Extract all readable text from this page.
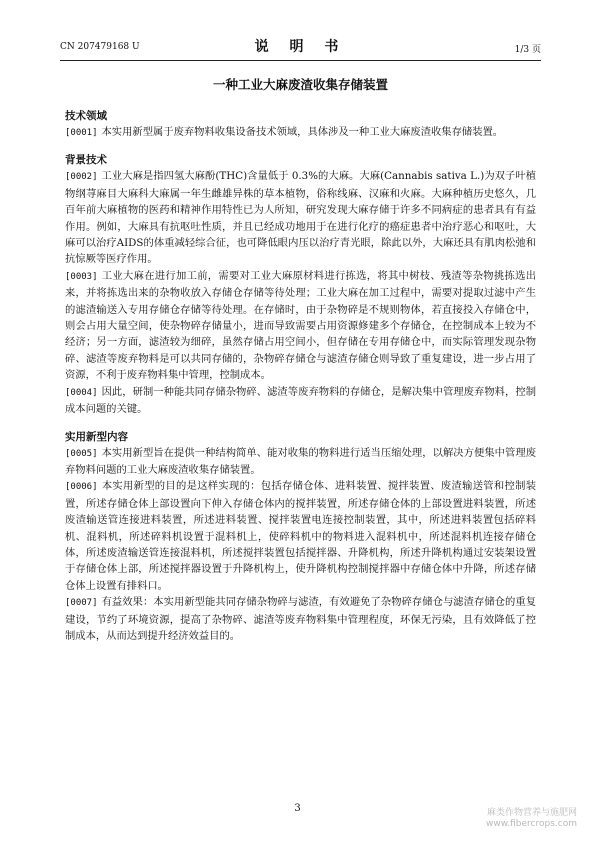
CN 207479168 U	说 明 书	1/3 页
一种工业大麻废渣收集存储装置

技术领域

[0001] 本实用新型属于废弃物料收集设备技术领域，具体涉及一种工业大麻废渣收集存储装置。

背景技术

[0002] 工业大麻是指四氢大麻酚(THC)含量低于 0.3%的大麻。大麻(Cannabis sativa L.)为双子叶植物纲荨麻目大麻科大麻属一年生雌雄异株的草本植物，俗称线麻、汉麻和火麻。大麻种植历史悠久，几百年前大麻植物的医药和精神作用特性已为人所知，研究发现大麻存储于许多不同病症的患者具有有益作用。例如，大麻具有抗呕吐性质，并且已经成功地用于在进行化疗的癌症患者中治疗恶心和呕吐，大麻可以治疗AIDS的体重减轻综合征，也可降低眼内压以治疗青光眼，除此以外，大麻还具有肌肉松弛和抗惊厥等医疗作用。

[0003] 工业大麻在进行加工前，需要对工业大麻原材料进行拣选，将其中树枝、残渣等杂物挑拣选出来，并将拣选出来的杂物收放入存储仓存储等待处理；工业大麻在加工过程中，需要对提取过滤中产生的滤渣输送入专用存储仓存储等待处理。在存储时，由于杂物碎是不规则物体，若直接投入存储仓中，则会占用大量空间，使杂物碎存储量小，进而导致需要占用资源修建多个存储仓，在控制成本上较为不经济；另一方面，滤渣较为细碎，虽然存储占用空间小，但存储在专用存储仓中，而实际管理发现杂物碎、滤渣等废弃物料是可以共同存储的，杂物碎存储仓与滤渣存储仓则导致了重复建设，进一步占用了资源，不利于废弃物料集中管理，控制成本。

[0004] 因此，研制一种能共同存储杂物碎、滤渣等废弃物料的存储仓，是解决集中管理废弃物料，控制成本问题的关键。

实用新型内容

[0005] 本实用新型旨在提供一种结构简单、能对收集的物料进行适当压缩处理，以解决方便集中管理废弃物料问题的工业大麻废渣收集存储装置。

[0006] 本实用新型的目的是这样实现的：包括存储仓体、进料装置、搅拌装置、废渣输送管和控制装置，所述存储仓体上部设置向下伸入存储仓体内的搅拌装置，所述存储仓体的上部设置进料装置，所述废渣输送管连接进料装置，所述进料装置、搅拌装置电连接控制装置，其中，所述进料装置包括碎料机、混料机，所述碎料机设置于混料机上，使碎料机中的物料进入混料机中，所述混料机连接存储仓体，所述废渣输送管连接混料机，所述搅拌装置包括搅拌器、升降机构，所述升降机构通过安装架设置于存储仓体上部，所述搅拌器设置于升降机构上，使升降机构控制搅拌器中存储仓体中升降，所述存储仓体上设置有排料口。

[0007] 有益效果：本实用新型能共同存储杂物碎与滤渣，有效避免了杂物碎存储仓与滤渣存储仓的重复建设，节约了环境资源，提高了杂物碎、滤渣等废弃物料集中管理程度，环保无污染，且有效降低了控制成本，从而达到提升经济效益目的。

3	麻类作物营养与施肥网
www.fibercrops.com
